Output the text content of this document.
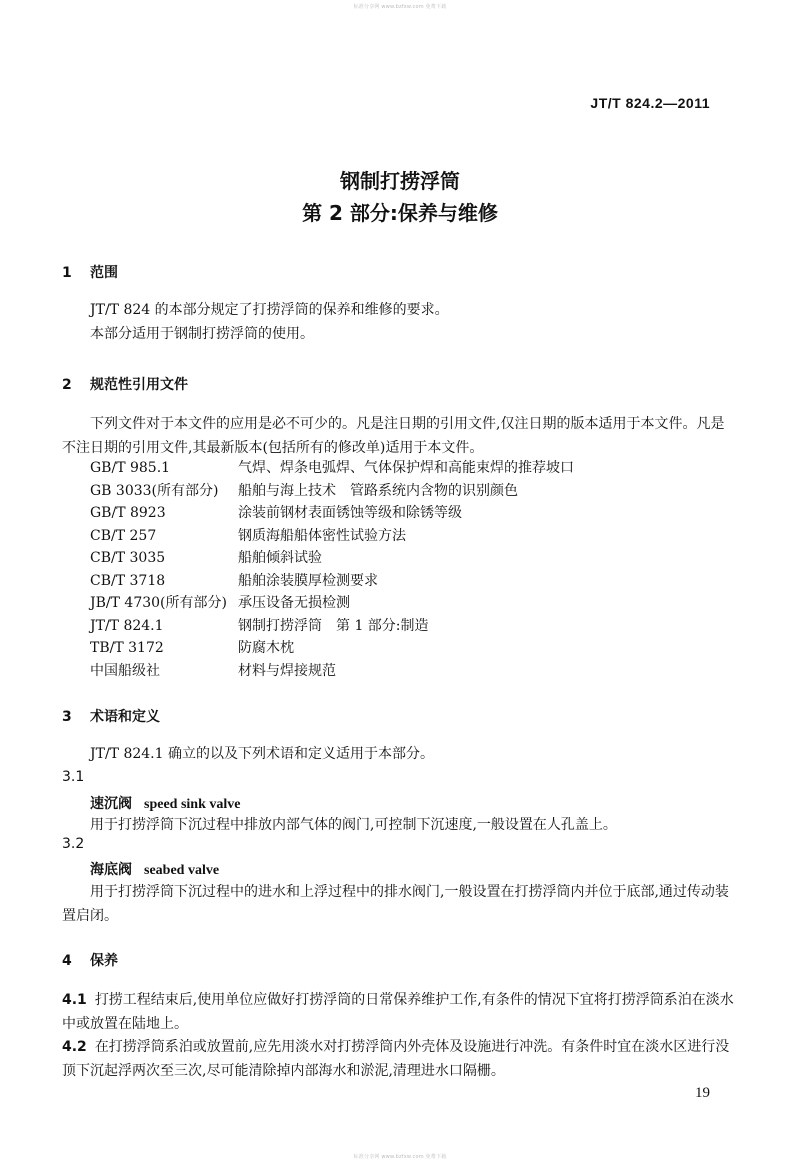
标准分享网 www.bzfxw.com 免费下载
JT/T 824.2—2011
钢制打捞浮筒
第 2 部分:保养与维修
1 范围
JT/T 824 的本部分规定了打捞浮筒的保养和维修的要求。
本部分适用于钢制打捞浮筒的使用。
2 规范性引用文件
下列文件对于本文件的应用是必不可少的。凡是注日期的引用文件,仅注日期的版本适用于本文件。凡是不注日期的引用文件,其最新版本(包括所有的修改单)适用于本文件。
GB/T 985.1	气焊、焊条电弧焊、气体保护焊和高能束焊的推荐坡口
GB 3033(所有部分)	船舶与海上技术　管路系统内含物的识别颜色
GB/T 8923	涂装前钢材表面锈蚀等级和除锈等级
CB/T 257	钢质海船船体密性试验方法
CB/T 3035	船舶倾斜试验
CB/T 3718	船舶涂装膜厚检测要求
JB/T 4730(所有部分) 承压设备无损检测
JT/T 824.1	钢制打捞浮筒　第 1 部分:制造
TB/T 3172	防腐木枕
中国船级社	材料与焊接规范
3 术语和定义
JT/T 824.1 确立的以及下列术语和定义适用于本部分。
3.1
速沉阀 speed sink valve
用于打捞浮筒下沉过程中排放内部气体的阀门,可控制下沉速度,一般设置在人孔盖上。
3.2
海底阀 seabed valve
用于打捞浮筒下沉过程中的进水和上浮过程中的排水阀门,一般设置在打捞浮筒内并位于底部,通过传动装置启闭。
4 保养
4.1 打捞工程结束后,使用单位应做好打捞浮筒的日常保养维护工作,有条件的情况下宜将打捞浮筒系泊在淡水中或放置在陆地上。
4.2 在打捞浮筒系泊或放置前,应先用淡水对打捞浮筒内外壳体及设施进行冲洗。有条件时宜在淡水区进行没顶下沉起浮两次至三次,尽可能清除掉内部海水和淤泥,清理进水口隔栅。
19
标准分享网 www.bzfxw.com 免费下载
